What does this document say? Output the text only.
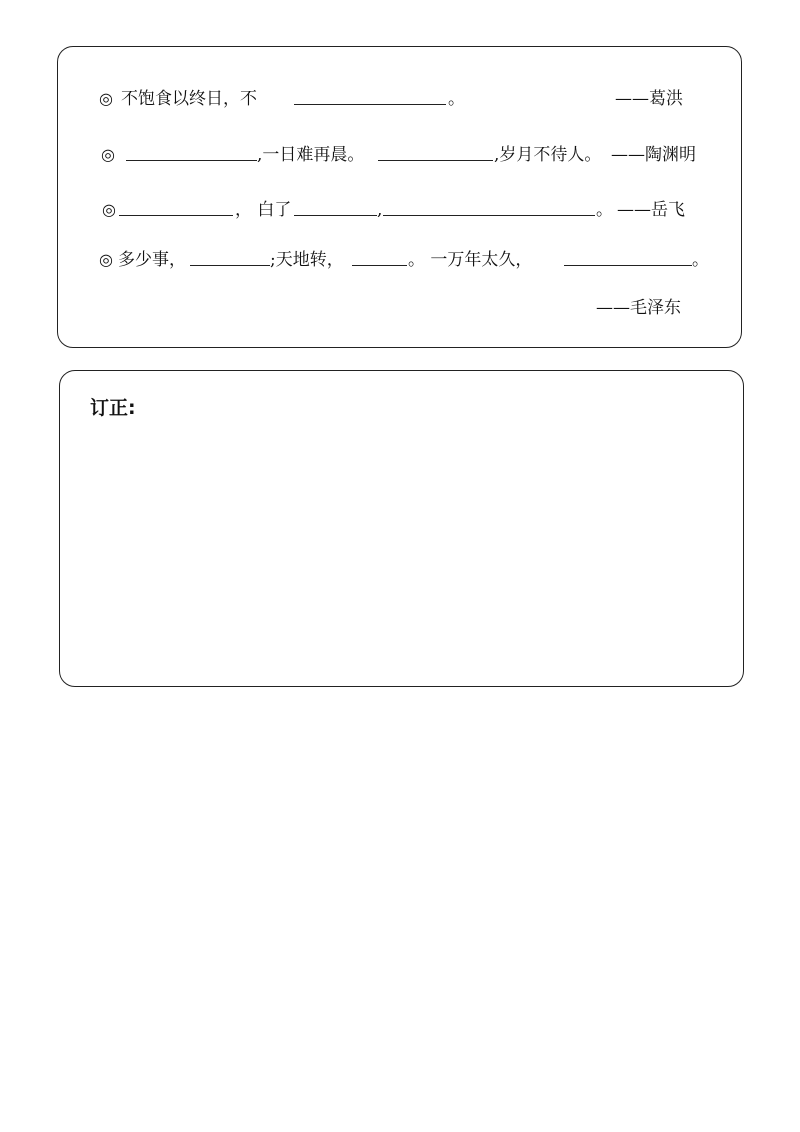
◎ 不饱食以终日，不	。	——葛洪
◎	,一日难再晨。	,岁月不待人。 ——陶渊明
◎	， 白了	,	。 ——岳飞
◎ 多少事，	;天地转，	。 一万年太久，	。
——毛泽东
订正:
